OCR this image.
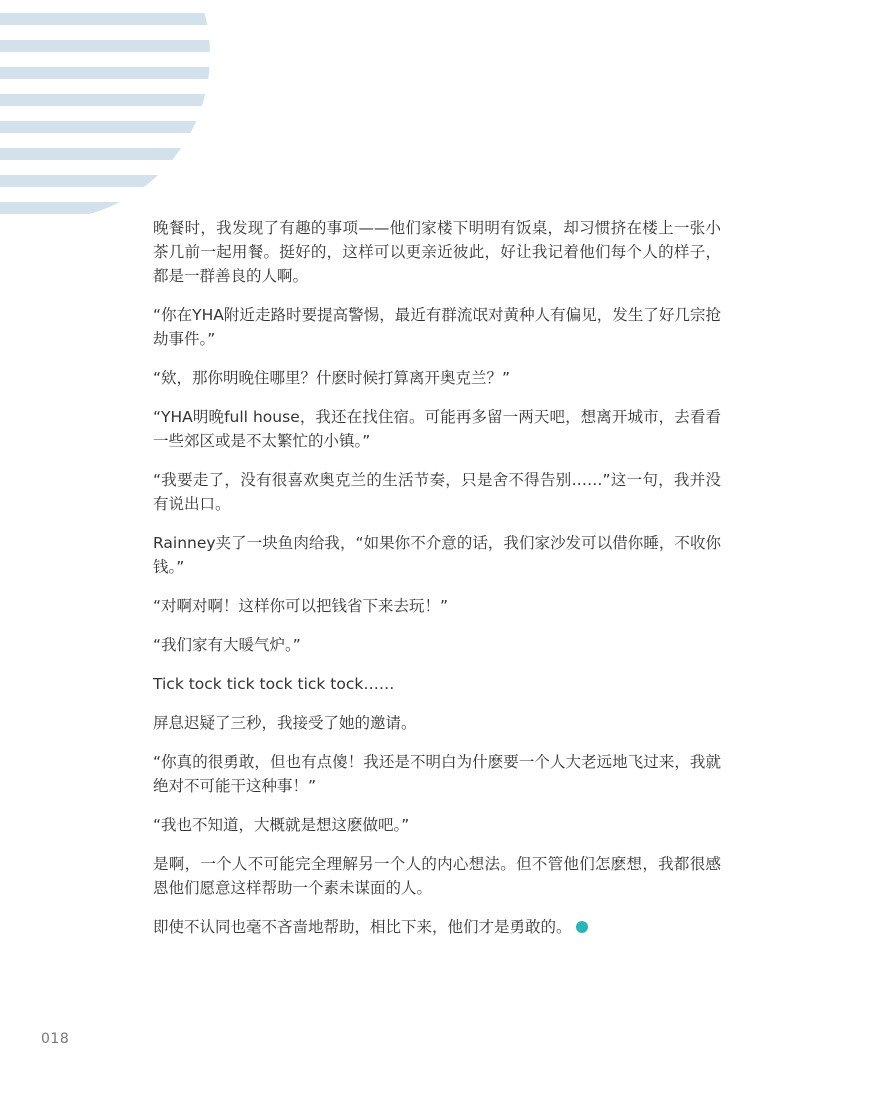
晚餐时，我发现了有趣的事项——他们家楼下明明有饭桌，却习惯挤在楼上一张小茶几前一起用餐。挺好的，这样可以更亲近彼此，好让我记着他们每个人的样子，都是一群善良的人啊。

“你在YHA附近走路时要提高警惕，最近有群流氓对黄种人有偏见，发生了好几宗抢劫事件。”

“欸，那你明晚住哪里？什麽时候打算离开奥克兰？”

“YHA明晚full house，我还在找住宿。可能再多留一两天吧，想离开城市，去看看一些郊区或是不太繁忙的小镇。”

“我要走了，没有很喜欢奥克兰的生活节奏，只是舍不得告别……”这一句，我并没有说出口。

Rainney夹了一块鱼肉给我，“如果你不介意的话，我们家沙发可以借你睡，不收你钱。”

“对啊对啊！这样你可以把钱省下来去玩！”

“我们家有大暖气炉。”

Tick tock tick tock tick tock……

屏息迟疑了三秒，我接受了她的邀请。

“你真的很勇敢，但也有点傻！我还是不明白为什麽要一个人大老远地飞过来，我就绝对不可能干这种事！”

“我也不知道，大概就是想这麽做吧。”

是啊，一个人不可能完全理解另一个人的内心想法。但不管他们怎麽想，我都很感恩他们愿意这样帮助一个素未谋面的人。

即使不认同也毫不吝啬地帮助，相比下来，他们才是勇敢的。

018
